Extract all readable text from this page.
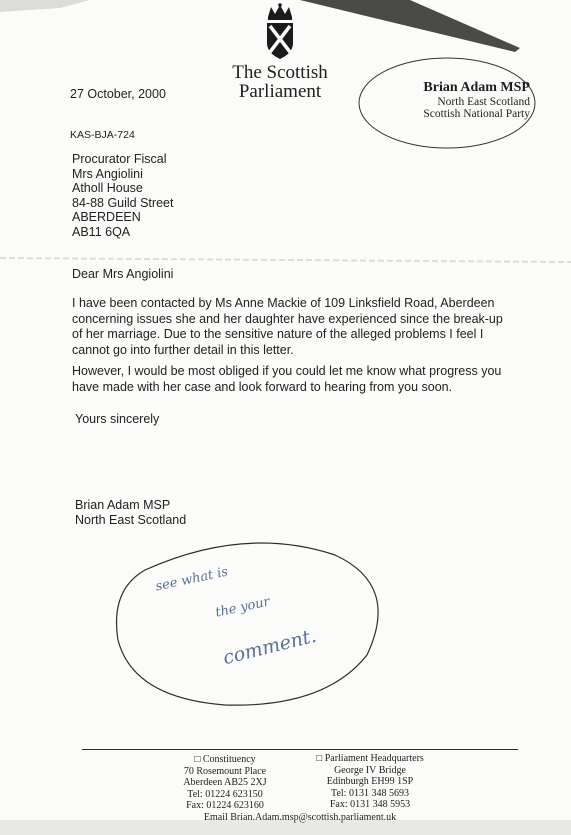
The Scottish
Parliament	Brian Adam MSP
North East Scotland
Scottish National Party
27 October, 2000
KAS-BJA-724
Procurator Fiscal
Mrs Angiolini
Atholl House
84-88 Guild Street
ABERDEEN
AB11 6QA
Dear Mrs Angiolini
I have been contacted by Ms Anne Mackie of 109 Linksfield Road, Aberdeen
concerning issues she and her daughter have experienced since the break-up
of her marriage. Due to the sensitive nature of the alleged problems I feel I
cannot go into further detail in this letter.
However, I would be most obliged if you could let me know what progress you
have made with her case and look forward to hearing from you soon.
Yours sincerely
Brian Adam MSP
North East Scotland
see what is
the your
comment.
□ Constituency
70 Rosemount Place
Aberdeen AB25 2XJ
Tel: 01224 623150
Fax: 01224 623160
□ Parliament Headquarters
George IV Bridge
Edinburgh EH99 1SP
Tel: 0131 348 5693
Fax: 0131 348 5953
Email Brian.Adam.msp@scottish.parliament.uk
